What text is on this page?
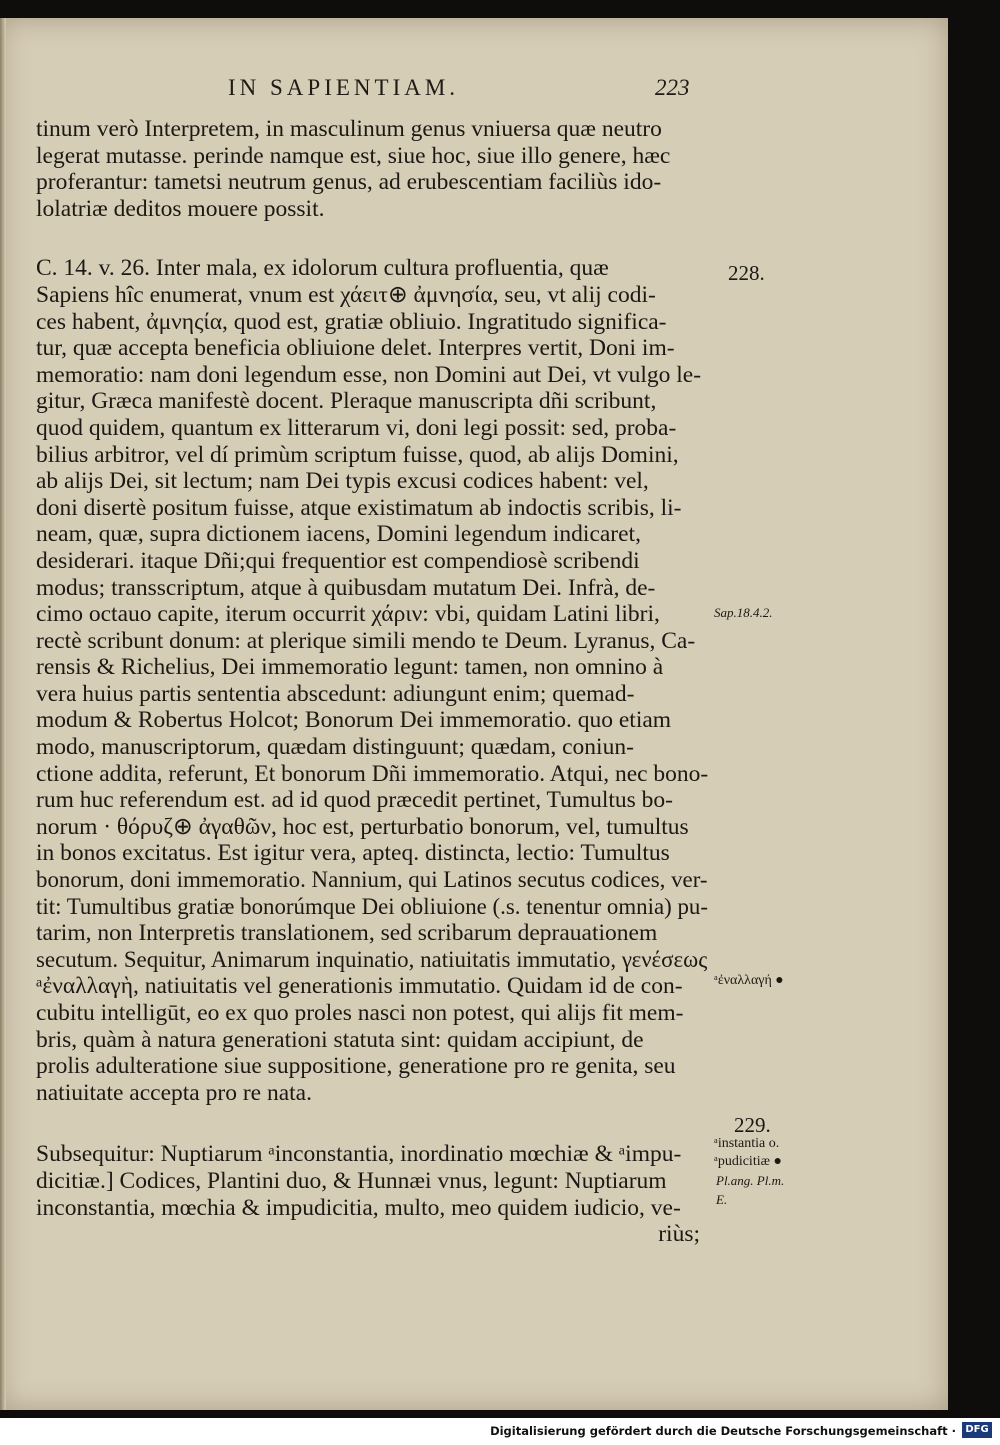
IN SAPIENTIAM.	223
tinum verò Interpretem, in masculinum genus vniuersa quæ neutro
legerat mutasse. perinde namque est, siue hoc, siue illo genere, hæc
proferantur: tametsi neutrum genus, ad erubescentiam faciliùs ido-
lolatriæ deditos mouere possit.
C. 14. v. 26. Inter mala, ex idolorum cultura profluentia, quæ
Sapiens hîc enumerat, vnum est χάειτ⊕ ἀμνησία, seu, vt alij codi-
ces habent, ἀμνηςία, quod est, gratiæ obliuio. Ingratitudo significa-
tur, quæ accepta beneficia obliuione delet. Interpres vertit, Doni im-
memoratio: nam doni legendum esse, non Domini aut Dei, vt vulgo le-
gitur, Græca manifestè docent. Pleraque manuscripta dñi scribunt,
quod quidem, quantum ex litterarum vi, doni legi possit: sed, proba-
bilius arbitror, vel dí primùm scriptum fuisse, quod, ab alijs Domini,
ab alijs Dei, sit lectum; nam Dei typis excusi codices habent: vel,
doni disertè positum fuisse, atque existimatum ab indoctis scribis, li-
neam, quæ, supra dictionem iacens, Domini legendum indicaret,
desiderari. itaque Dñi;qui frequentior est compendiosè scribendi
modus; transscriptum, atque à quibusdam mutatum Dei. Infrà, de-
cimo octauo capite, iterum occurrit χάριν: vbi, quidam Latini libri,
rectè scribunt donum: at plerique simili mendo te Deum. Lyranus, Ca-
rensis & Richelius, Dei immemoratio legunt: tamen, non omnino à
vera huius partis sententia abscedunt: adiungunt enim; quemad-
modum & Robertus Holcot; Bonorum Dei immemoratio. quo etiam
modo, manuscriptorum, quædam distinguunt; quædam, coniun-
ctione addita, referunt, Et bonorum Dñi immemoratio. Atqui, nec bono-
rum huc referendum est. ad id quod præcedit pertinet, Tumultus bo-
norum · θόρυζ⊕ ἀγαθῶν, hoc est, perturbatio bonorum, vel, tumultus
in bonos excitatus. Est igitur vera, apteq. distincta, lectio: Tumultus
bonorum, doni immemoratio. Nannium, qui Latinos secutus codices, ver-
tit: Tumultibus gratiæ bonorúmque Dei obliuione (.s. tenentur omnia) pu-
tarim, non Interpretis translationem, sed scribarum deprauationem
secutum. Sequitur, Animarum inquinatio, natiuitatis immutatio, γενέσεως
ᵃἐναλλαγὴ, natiuitatis vel generationis immutatio. Quidam id de con-
cubitu intelligūt, eo ex quo proles nasci non potest, qui alijs fit mem-
bris, quàm à natura generationi statuta sint: quidam accipiunt, de
prolis adulteratione siue suppositione, generatione pro re genita, seu
natiuitate accepta pro re nata.
Subsequitur: Nuptiarum ᵃinconstantia, inordinatio mœchiæ & ᵃimpu-
dicitiæ.] Codices, Plantini duo, & Hunnæi vnus, legunt: Nuptiarum
inconstantia, mœchia & impudicitia, multo, meo quidem iudicio, ve-
riùs;
228.
Sap.18.4.2.
ᵃἐναλλαγή ●
229.
ᵃinstantia o.
ᵃpudicitiæ ●
Pl.ang. Pl.m.
E.
Digitalisierung gefördert durch die Deutsche Forschungsgemeinschaft · DFG
